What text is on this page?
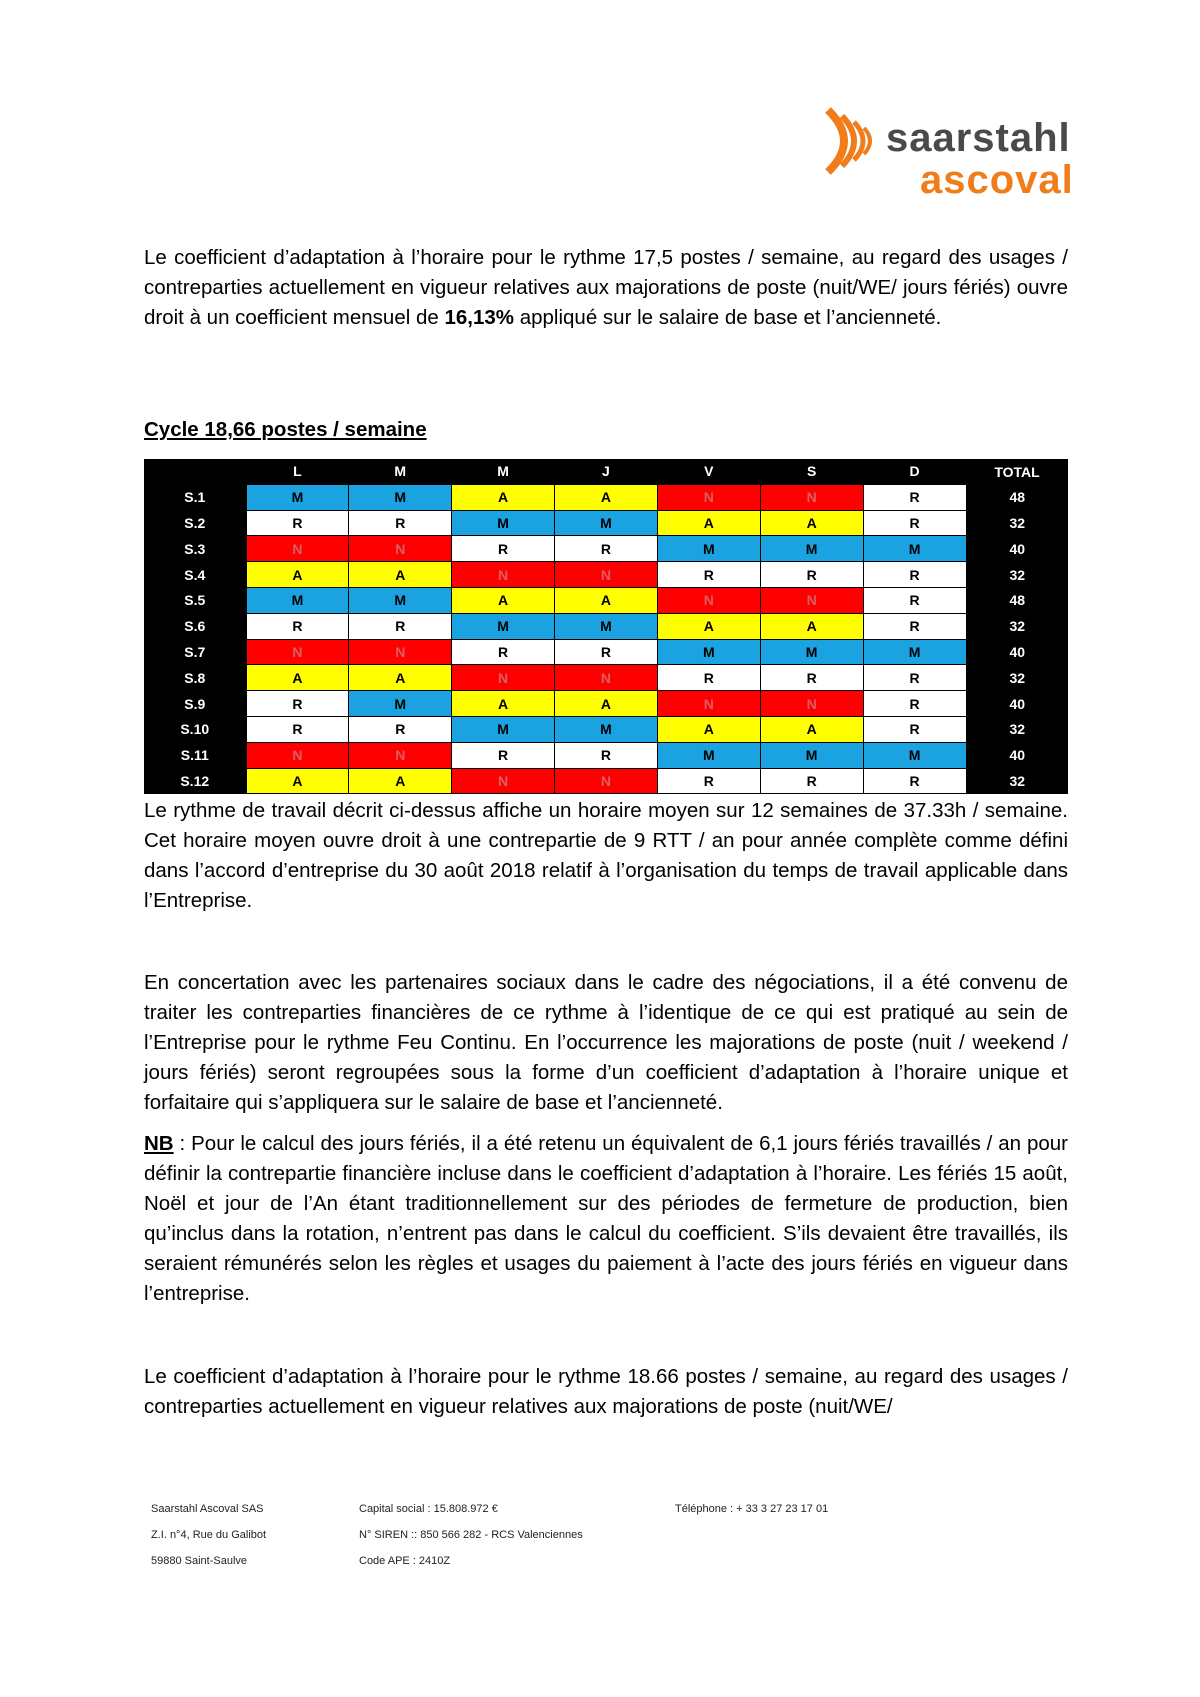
saarstahl
ascoval
Le coefficient d’adaptation à l’horaire pour le rythme 17,5 postes / semaine, au regard des usages / contreparties actuellement en vigueur relatives aux majorations de poste (nuit/WE/ jours fériés) ouvre droit à un coefficient mensuel de 16,13% appliqué sur le salaire de base et l’ancienneté.
Cycle 18,66 postes / semaine
	L	M	M	J	V	S	D	TOTAL
S.1	M	M	A	A	N	N	R	48
S.2	R	R	M	M	A	A	R	32
S.3	N	N	R	R	M	M	M	40
S.4	A	A	N	N	R	R	R	32
S.5	M	M	A	A	N	N	R	48
S.6	R	R	M	M	A	A	R	32
S.7	N	N	R	R	M	M	M	40
S.8	A	A	N	N	R	R	R	32
S.9	R	M	A	A	N	N	R	40
S.10	R	R	M	M	A	A	R	32
S.11	N	N	R	R	M	M	M	40
S.12	A	A	N	N	R	R	R	32
Le rythme de travail décrit ci-dessus affiche un horaire moyen sur 12 semaines de 37.33h / semaine. Cet horaire moyen ouvre droit à une contrepartie de 9 RTT / an pour année complète comme défini dans l’accord d’entreprise du 30 août 2018 relatif à l’organisation du temps de travail applicable dans l’Entreprise.
En concertation avec les partenaires sociaux dans le cadre des négociations, il a été convenu de traiter les contreparties financières de ce rythme à l’identique de ce qui est pratiqué au sein de l’Entreprise pour le rythme Feu Continu. En l’occurrence les majorations de poste (nuit / weekend / jours fériés) seront regroupées sous la forme d’un coefficient d’adaptation à l’horaire unique et forfaitaire qui s’appliquera sur le salaire de base et l’ancienneté.
NB : Pour le calcul des jours fériés, il a été retenu un équivalent de 6,1 jours fériés travaillés / an pour définir la contrepartie financière incluse dans le coefficient d’adaptation à l’horaire. Les fériés 15 août, Noël et jour de l’An étant traditionnellement sur des périodes de fermeture de production, bien qu’inclus dans la rotation, n’entrent pas dans le calcul du coefficient. S’ils devaient être travaillés, ils seraient rémunérés selon les règles et usages du paiement à l’acte des jours fériés en vigueur dans l’entreprise.
Le coefficient d’adaptation à l’horaire pour le rythme 18.66 postes / semaine, au regard des usages / contreparties actuellement en vigueur relatives aux majorations de poste (nuit/WE/
Saarstahl Ascoval SAS
Z.I. n°4, Rue du Galibot
59880 Saint-Saulve
Capital social : 15.808.972 €
N° SIREN :: 850 566 282 - RCS Valenciennes
Code APE : 2410Z
Téléphone : + 33 3 27 23 17 01
